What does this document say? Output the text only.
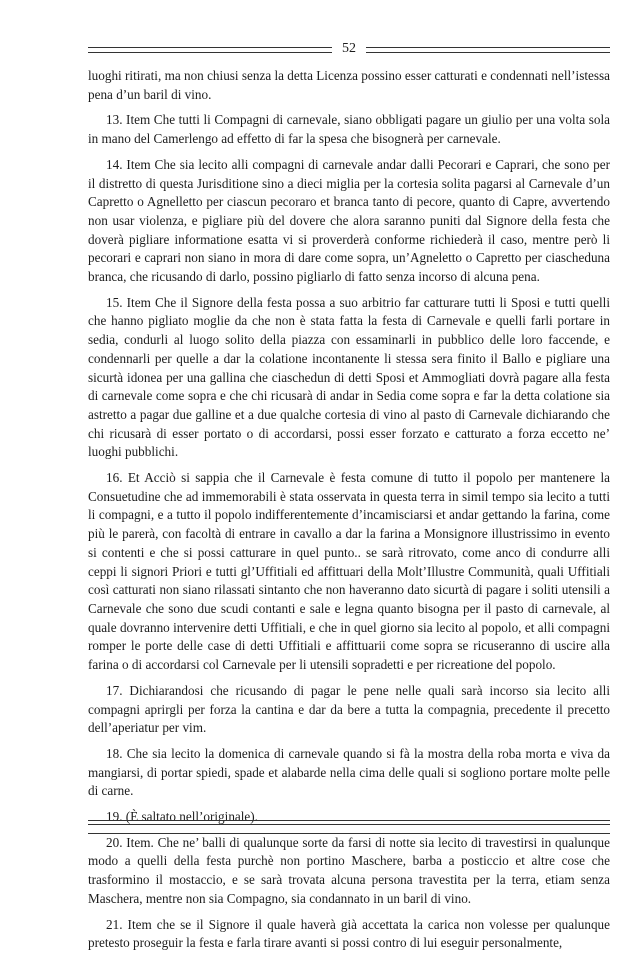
52

luoghi ritirati, ma non chiusi senza la detta Licenza possino esser catturati e condennati nell’istessa pena d’un baril di vino.

13. Item Che tutti li Compagni di carnevale, siano obbligati pagare un giulio per una volta sola in mano del Camerlengo ad effetto di far la spesa che bisognerà per carnevale.

14. Item Che sia lecito alli compagni di carnevale andar dalli Pecorari e Caprari, che sono per il distretto di questa Jurisditione sino a dieci miglia per la cortesia solita pagarsi al Carnevale d’un Capretto o Agnelletto per ciascun pecoraro et branca tanto di pecore, quanto di Capre, avvertendo non usar violenza, e pigliare più del dovere che alora saranno puniti dal Signore della festa che doverà pigliare informatione esatta vi si proverderà conforme richiederà il caso, mentre però li pecorari e caprari non siano in mora di dare come sopra, un’Agneletto o Capretto per ciascheduna branca, che ricusando di darlo, possino pigliarlo di fatto senza incorso di alcuna pena.

15. Item Che il Signore della festa possa a suo arbitrio far catturare tutti li Sposi e tutti quelli che hanno pigliato moglie da che non è stata fatta la festa di Carnevale e quelli farli portare in sedia, condurli al luogo solito della piazza con essaminarli in pubblico delle loro faccende, e condennarli per quelle a dar la colatione incontanente li stessa sera finito il Ballo e pigliare una sicurtà idonea per una gallina che ciaschedun di detti Sposi et Ammogliati dovrà pagare alla festa di carnevale come sopra e che chi ricusarà di andar in Sedia come sopra e far la detta colatione sia astretto a pagar due galline et a due qualche cortesia di vino al pasto di Carnevale dichiarando che chi ricusarà di esser portato o di accordarsi, possi esser forzato e catturato a forza eccetto ne’ luoghi pubblichi.

16. Et Acciò si sappia che il Carnevale è festa comune di tutto il popolo per mantenere la Consuetudine che ad immemorabili è stata osservata in questa terra in simil tempo sia lecito a tutti li compagni, e a tutto il popolo indifferentemente d’incamisciarsi et andar gettando la farina, come più le parerà, con facoltà di entrare in cavallo a dar la farina a Monsignore illustrissimo in evento si contenti e che si possi catturare in quel punto.. se sarà ritrovato, come anco di condurre alli ceppi li signori Priori e tutti gl’Uffitiali ed affittuari della Molt’Illustre Communità, quali Uffitiali così catturati non siano rilassati sintanto che non haveranno dato sicurtà di pagare i soliti utensili a Carnevale che sono due scudi contanti e sale e legna quanto bisogna per il pasto di carnevale, al quale dovranno intervenire detti Uffitiali, e che in quel giorno sia lecito al popolo, et alli compagni romper le porte delle case di detti Uffitiali e affittuarii come sopra se ricuseranno di uscire alla farina o di accordarsi col Carnevale per li utensili sopradetti e per ricreatione del popolo.

17. Dichiarandosi che ricusando di pagar le pene nelle quali sarà incorso sia lecito alli compagni aprirgli per forza la cantina e dar da bere a tutta la compagnia, precedente il precetto dell’aperiatur per vim.

18. Che sia lecito la domenica di carnevale quando si fà la mostra della roba morta e viva da mangiarsi, di portar spiedi, spade et alabarde nella cima delle quali si sogliono portare molte pelle di carne.

19. (È saltato nell’originale).

20. Item. Che ne’ balli di qualunque sorte da farsi di notte sia lecito di travestirsi in qualunque modo a quelli della festa purchè non portino Maschere, barba a posticcio et altre cose che trasformino il mostaccio, e se sarà trovata alcuna persona travestita per la terra, etiam senza Maschera, mentre non sia Compagno, sia condannato in un baril di vino.

21. Item che se il Signore il quale haverà già accettata la carica non volesse per qualunque pretesto proseguir la festa e farla tirare avanti si possi contro di lui eseguir personalmente,
